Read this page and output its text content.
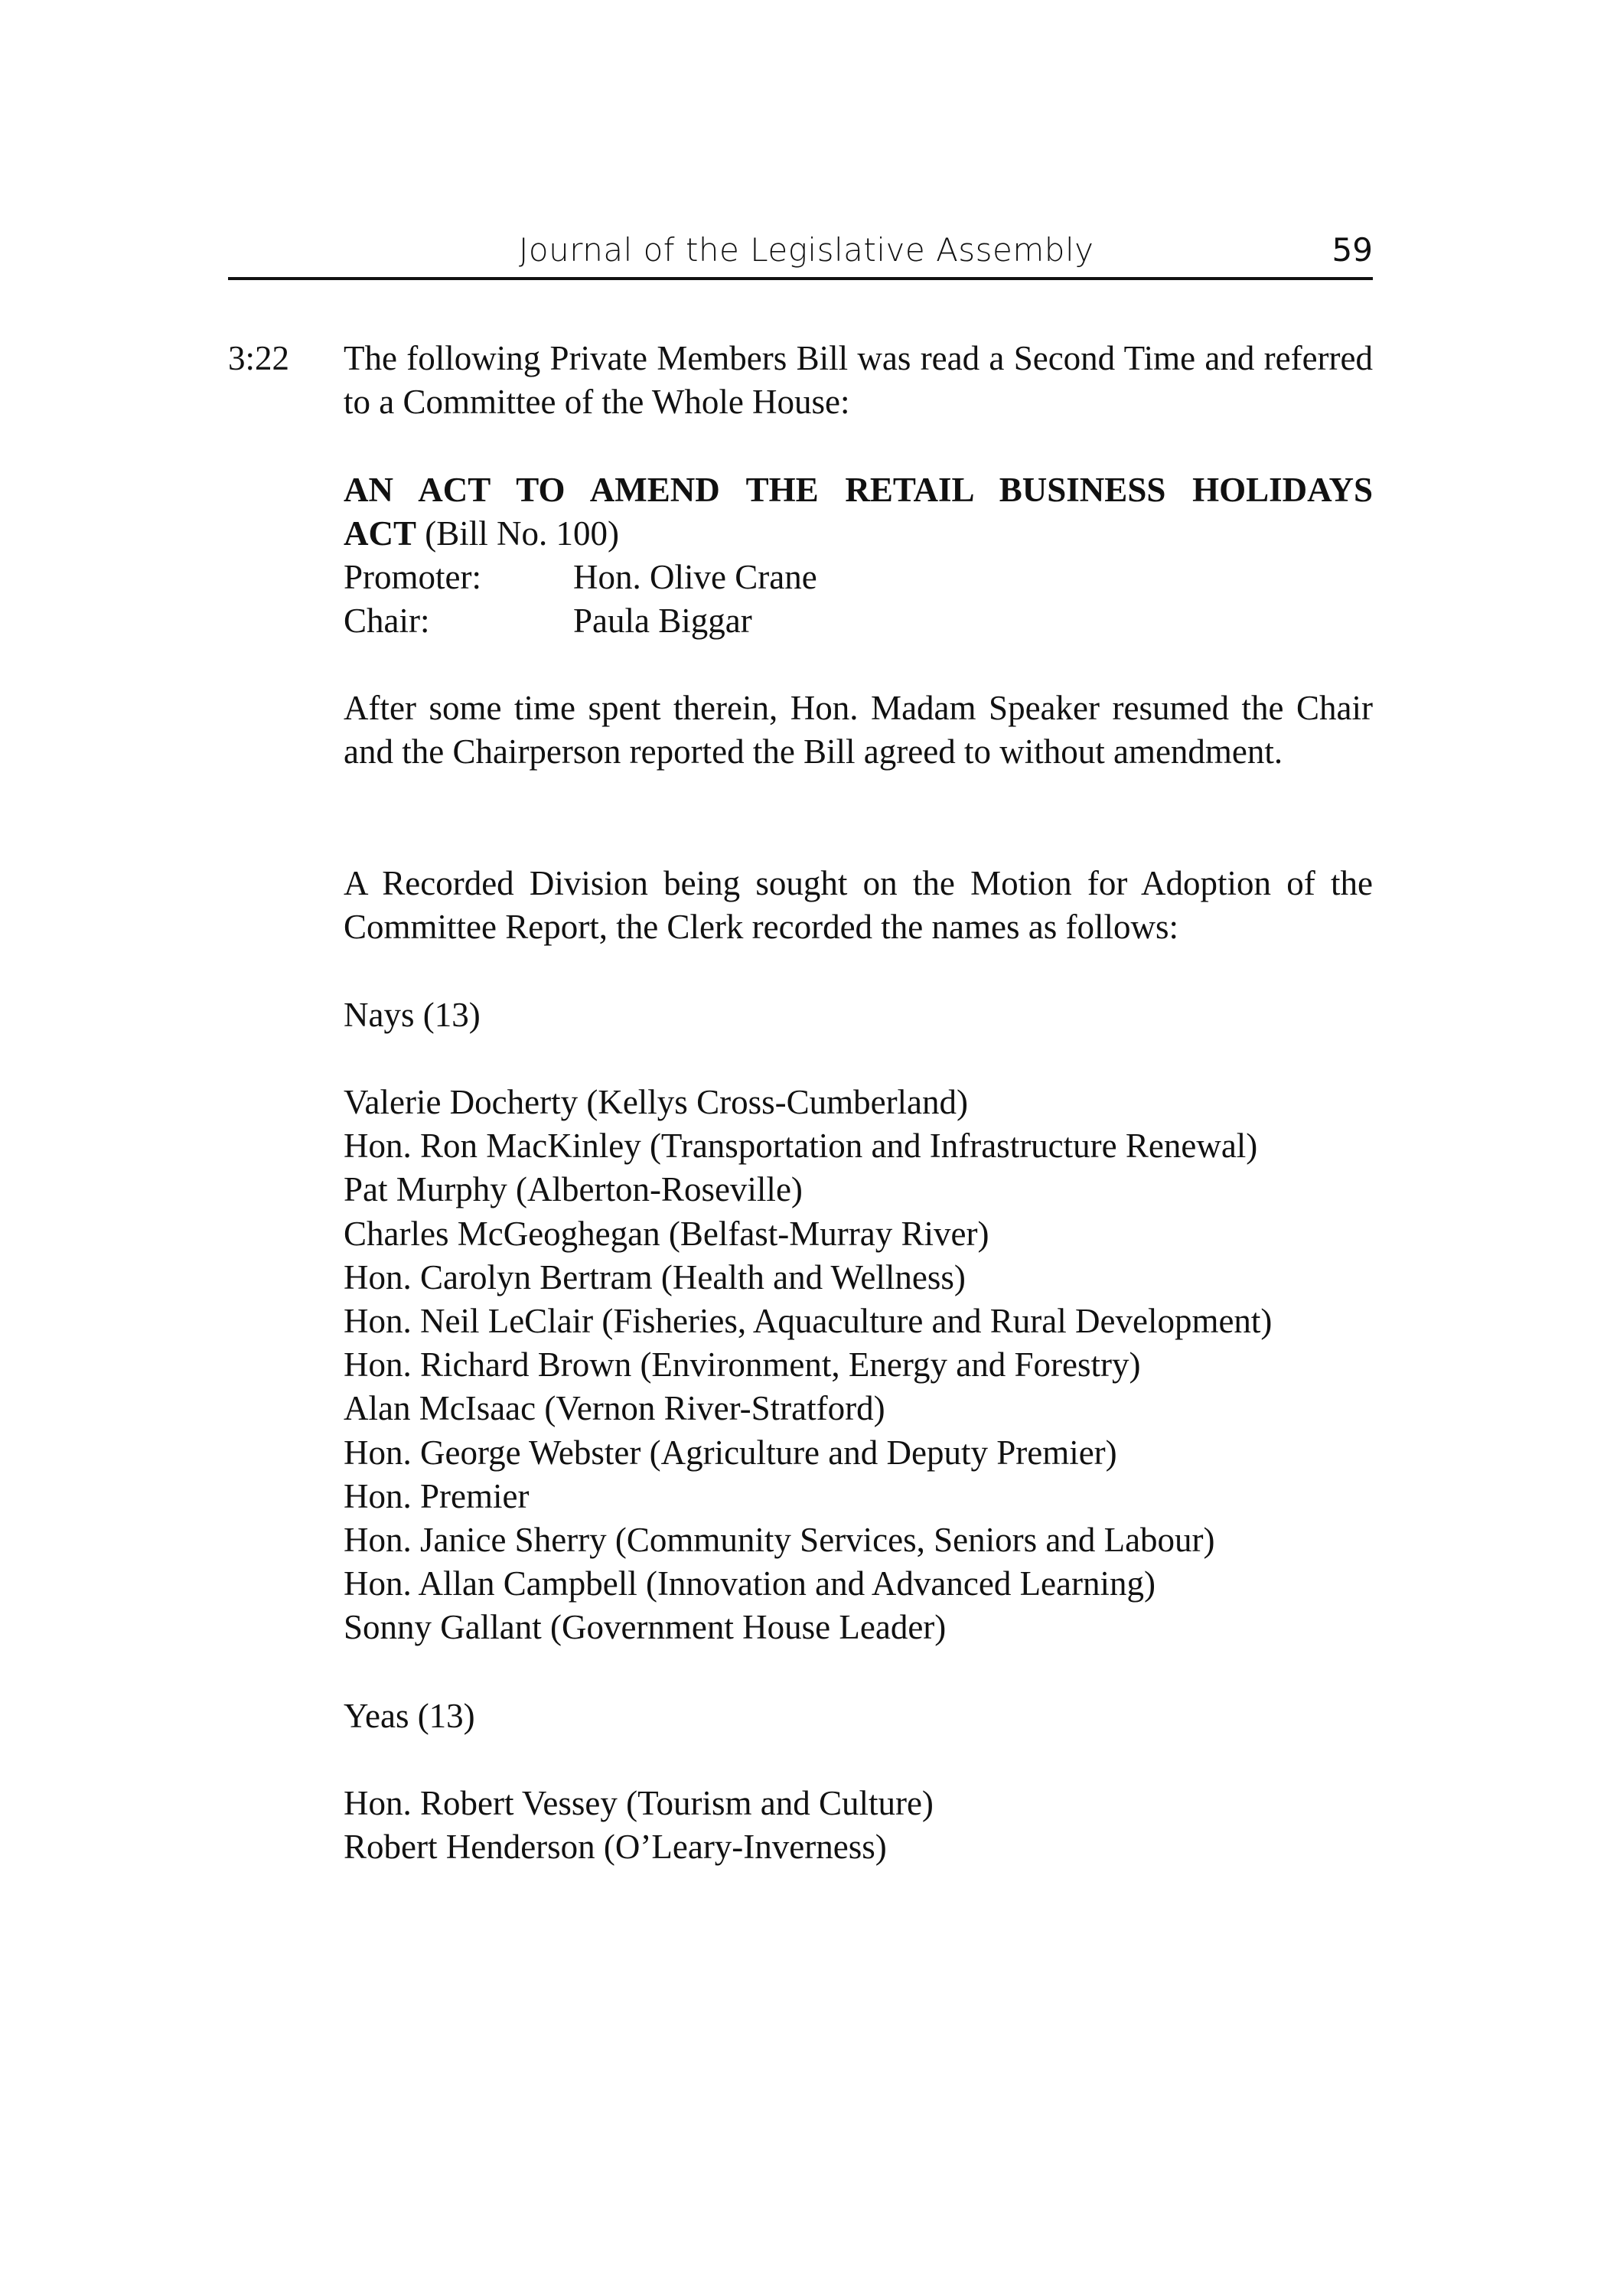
Journal of the Legislative Assembly	59
3:22 The following Private Members Bill was read a Second Time and referred to a Committee of the Whole House:
AN ACT TO AMEND THE RETAIL BUSINESS HOLIDAYS
ACT (Bill No. 100)
Promoter:	Hon. Olive Crane
Chair:	Paula Biggar
After some time spent therein, Hon. Madam Speaker resumed the Chair and the Chairperson reported the Bill agreed to without amendment.
A Recorded Division being sought on the Motion for Adoption of the Committee Report, the Clerk recorded the names as follows:
Nays (13)
Valerie Docherty (Kellys Cross-Cumberland)
Hon. Ron MacKinley (Transportation and Infrastructure Renewal)
Pat Murphy (Alberton-Roseville)
Charles McGeoghegan (Belfast-Murray River)
Hon. Carolyn Bertram (Health and Wellness)
Hon. Neil LeClair (Fisheries, Aquaculture and Rural Development)
Hon. Richard Brown (Environment, Energy and Forestry)
Alan McIsaac (Vernon River-Stratford)
Hon. George Webster (Agriculture and Deputy Premier)
Hon. Premier
Hon. Janice Sherry (Community Services, Seniors and Labour)
Hon. Allan Campbell (Innovation and Advanced Learning)
Sonny Gallant (Government House Leader)
Yeas (13)
Hon. Robert Vessey (Tourism and Culture)
Robert Henderson (O’Leary-Inverness)
